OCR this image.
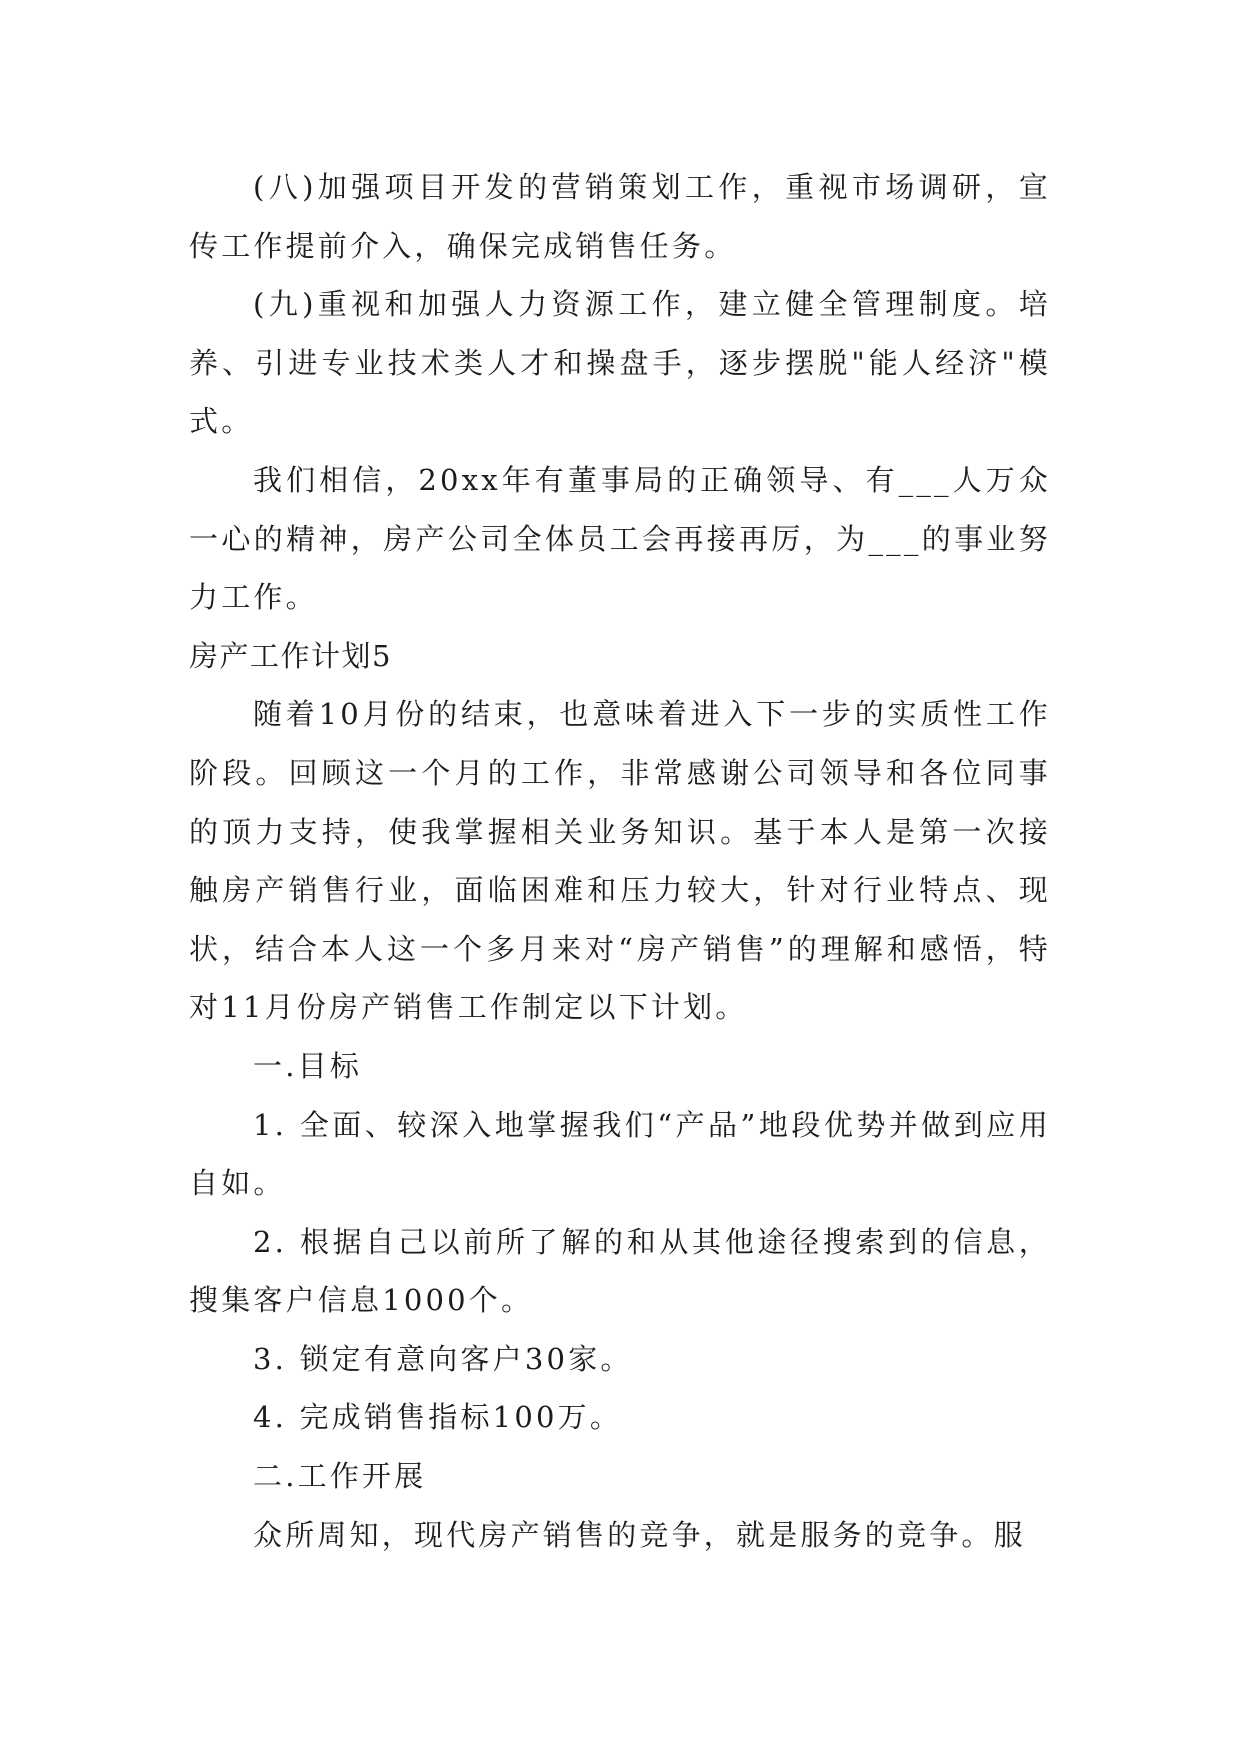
(八)加强项目开发的营销策划工作，重视市场调研，宣传工作提前介入，确保完成销售任务。

(九)重视和加强人力资源工作，建立健全管理制度。培养、引进专业技术类人才和操盘手，逐步摆脱"能人经济"模式。

我们相信，20xx年有董事局的正确领导、有___人万众一心的精神，房产公司全体员工会再接再厉，为___的事业努力工作。

房产工作计划5

随着10月份的结束，也意味着进入下一步的实质性工作阶段。回顾这一个月的工作，非常感谢公司领导和各位同事的顶力支持，使我掌握相关业务知识。基于本人是第一次接触房产销售行业，面临困难和压力较大，针对行业特点、现状，结合本人这一个多月来对“房产销售”的理解和感悟，特对11月份房产销售工作制定以下计划。

一.目标

1. 全面、较深入地掌握我们“产品”地段优势并做到应用自如。

2. 根据自己以前所了解的和从其他途径搜索到的信息，搜集客户信息1000个。

3. 锁定有意向客户30家。

4. 完成销售指标100万。

二.工作开展

众所周知，现代房产销售的竞争，就是服务的竞争。服
